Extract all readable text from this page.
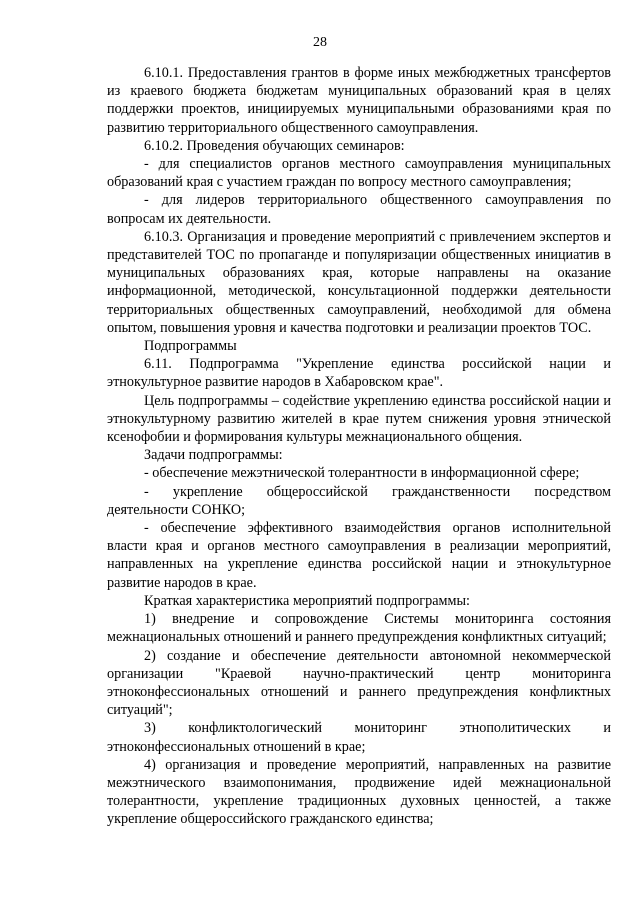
28

6.10.1. Предоставления грантов в форме иных межбюджетных трансфертов из краевого бюджета бюджетам муниципальных образований края в целях поддержки проектов, инициируемых муниципальными образованиями края по развитию территориального общественного самоуправления.

6.10.2. Проведения обучающих семинаров:

- для специалистов органов местного самоуправления муниципальных образований края с участием граждан по вопросу местного самоуправления;

- для лидеров территориального общественного самоуправления по вопросам их деятельности.

6.10.3. Организация и проведение мероприятий с привлечением экспертов и представителей ТОС по пропаганде и популяризации общественных инициатив в муниципальных образованиях края, которые направлены на оказание информационной, методической, консультационной поддержки деятельности территориальных общественных самоуправлений, необходимой для обмена опытом, повышения уровня и качества подготовки и реализации проектов ТОС.

Подпрограммы

6.11. Подпрограмма "Укрепление единства российской нации и этнокультурное развитие народов в Хабаровском крае".

Цель подпрограммы – содействие укреплению единства российской нации и этнокультурному развитию жителей в крае путем снижения уровня этнической ксенофобии и формирования культуры межнационального общения.

Задачи подпрограммы:

- обеспечение межэтнической толерантности в информационной сфере;

- укрепление общероссийской гражданственности посредством деятельности СОНКО;

- обеспечение эффективного взаимодействия органов исполнительной власти края и органов местного самоуправления в реализации мероприятий, направленных на укрепление единства российской нации и этнокультурное развитие народов в крае.

Краткая характеристика мероприятий подпрограммы:

1) внедрение и сопровождение Системы мониторинга состояния межнациональных отношений и раннего предупреждения конфликтных ситуаций;

2) создание и обеспечение деятельности автономной некоммерческой организации "Краевой научно-практический центр мониторинга этноконфессиональных отношений и раннего предупреждения конфликтных ситуаций";

3) конфликтологический мониторинг этнополитических и этноконфессиональных отношений в крае;

4) организация и проведение мероприятий, направленных на развитие межэтнического взаимопонимания, продвижение идей межнациональной толерантности, укрепление традиционных духовных ценностей, а также укрепление общероссийского гражданского единства;
